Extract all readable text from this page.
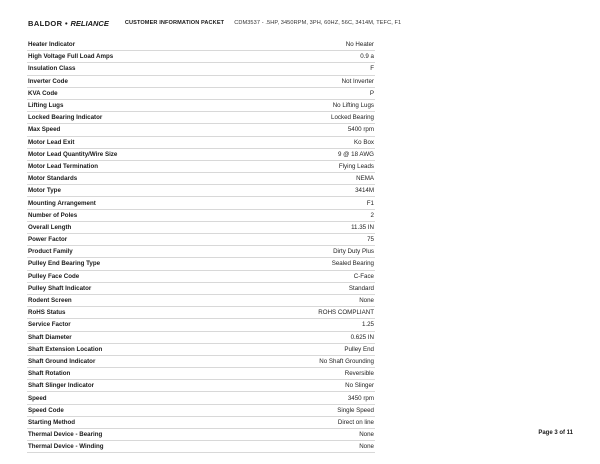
BALDOR • RELIANCE	CUSTOMER INFORMATION PACKET CDM3537 - .5HP, 3450RPM, 3PH, 60HZ, 56C, 3414M, TEFC, F1
Heater Indicator	No Heater
High Voltage Full Load Amps	0.9 a
Insulation Class	F
Inverter Code	Not Inverter
KVA Code	P
Lifting Lugs	No Lifting Lugs
Locked Bearing Indicator	Locked Bearing
Max Speed	5400 rpm
Motor Lead Exit	Ko Box
Motor Lead Quantity/Wire Size	9 @ 18 AWG
Motor Lead Termination	Flying Leads
Motor Standards	NEMA
Motor Type	3414M
Mounting Arrangement	F1
Number of Poles	2
Overall Length	11.35 IN
Power Factor	75
Product Family	Dirty Duty Plus
Pulley End Bearing Type	Sealed Bearing
Pulley Face Code	C-Face
Pulley Shaft Indicator	Standard
Rodent Screen	None
RoHS Status	ROHS COMPLIANT
Service Factor	1.25
Shaft Diameter	0.625 IN
Shaft Extension Location	Pulley End
Shaft Ground Indicator	No Shaft Grounding
Shaft Rotation	Reversible
Shaft Slinger Indicator	No Slinger
Speed	3450 rpm
Speed Code	Single Speed
Starting Method	Direct on line
Thermal Device - Bearing	None
Thermal Device - Winding	None
Page 3 of 11
